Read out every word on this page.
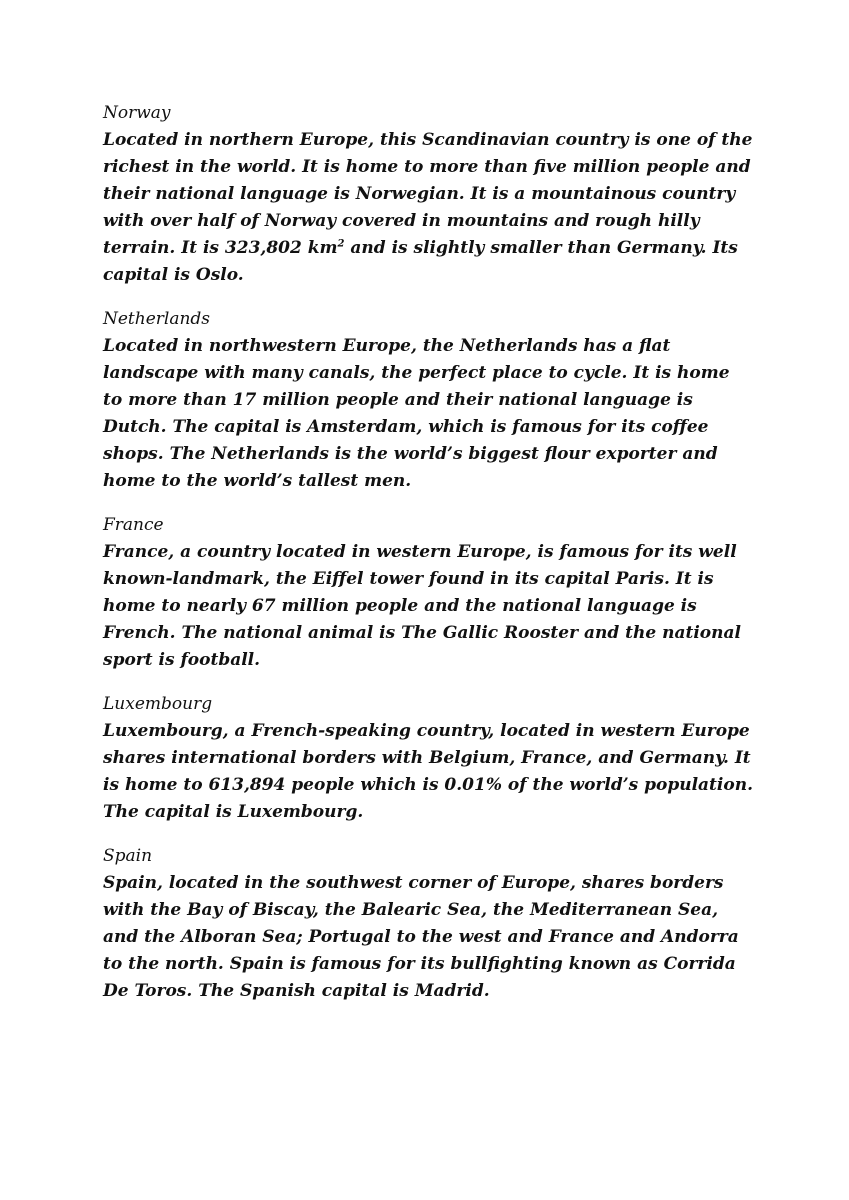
Norway

Located in northern Europe, this Scandinavian country is one of the richest in the world. It is home to more than five million people and their national language is Norwegian. It is a mountainous country with over half of Norway covered in mountains and rough hilly terrain. It is 323,802 $km^2$ and is slightly smaller than Germany. Its capital is Oslo.

Netherlands

Located in northwestern Europe, the Netherlands has a flat landscape with many canals, the perfect place to cycle. It is home to more than 17 million people and their national language is Dutch. The capital is Amsterdam, which is famous for its coffee shops. The Netherlands is the world’s biggest flour exporter and home to the world’s tallest men.

France

France, a country located in western Europe, is famous for its well known-landmark, the Eiffel tower found in its capital Paris. It is home to nearly 67 million people and the national language is French. The national animal is The Gallic Rooster and the national sport is football.

Luxembourg

Luxembourg, a French-speaking country, located in western Europe shares international borders with Belgium, France, and Germany. It is home to 613,894 people which is 0.01% of the world’s population. The capital is Luxembourg.

Spain

Spain, located in the southwest corner of Europe, shares borders with the Bay of Biscay, the Balearic Sea, the Mediterranean Sea, and the Alboran Sea; Portugal to the west and France and Andorra to the north. Spain is famous for its bullfighting known as Corrida De Toros. The Spanish capital is Madrid.
